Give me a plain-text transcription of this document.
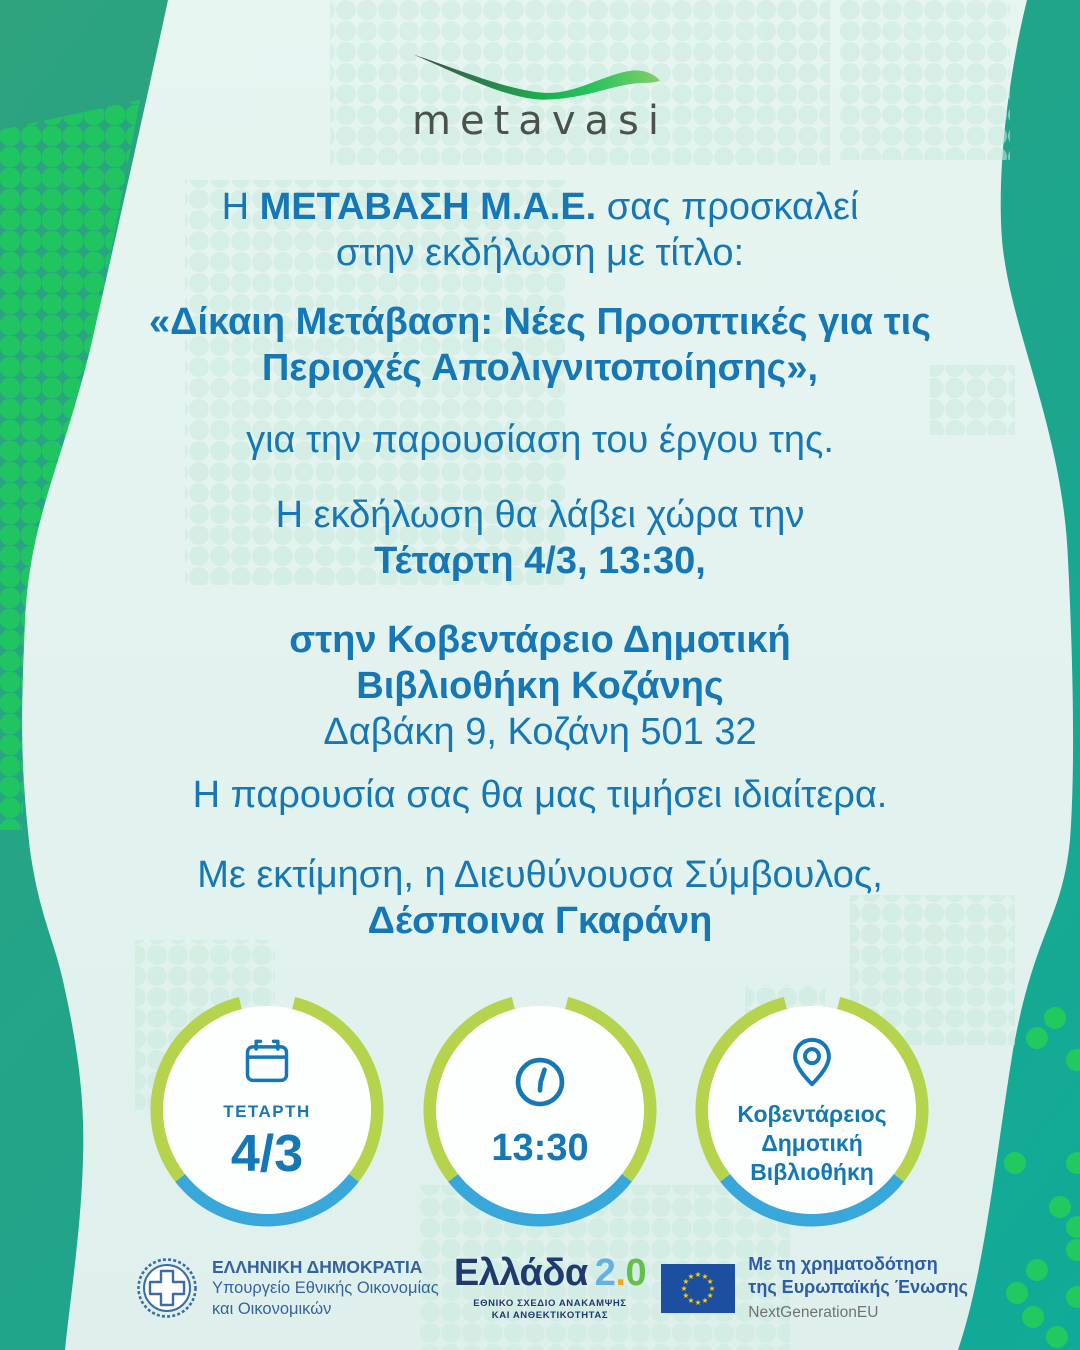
metavasi
Η ΜΕΤΑΒΑΣΗ Μ.Α.Ε. σας προσκαλεί
στην εκδήλωση με τίτλο:
«Δίκαιη Μετάβαση: Νέες Προοπτικές για τις
Περιοχές Απολιγνιτοποίησης»,
για την παρουσίαση του έργου της.
Η εκδήλωση θα λάβει χώρα την
Τέταρτη 4/3, 13:30,
στην Κοβεντάρειο Δημοτική
Βιβλιοθήκη Κοζάνης
Δαβάκη 9, Κοζάνη 501 32
Η παρουσία σας θα μας τιμήσει ιδιαίτερα.
Με εκτίμηση, η Διευθύνουσα Σύμβουλος,
Δέσποινα Γκαράνη
ΤΕΤΑΡΤΗ
4/3	13:30
Κοβεντάρειος
Δημοτική
Βιβλιοθήκη
ΕΛΛΗΝΙΚΗ ΔΗΜΟΚΡΑΤΙΑ
Υπουργείο Εθνικής Οικονομίας
και Οικονομικών
Ελλάδα 2.0
ΕΘΝΙΚΟ ΣΧΕΔΙΟ ΑΝΑΚΑΜΨΗΣ
ΚΑΙ ΑΝΘΕΚΤΙΚΟΤΗΤΑΣ
★ ★
★
★
★
★
★
★
★
★
★
★
Με τη χρηματοδότηση
της Ευρωπαϊκής Ένωσης
NextGenerationEU
